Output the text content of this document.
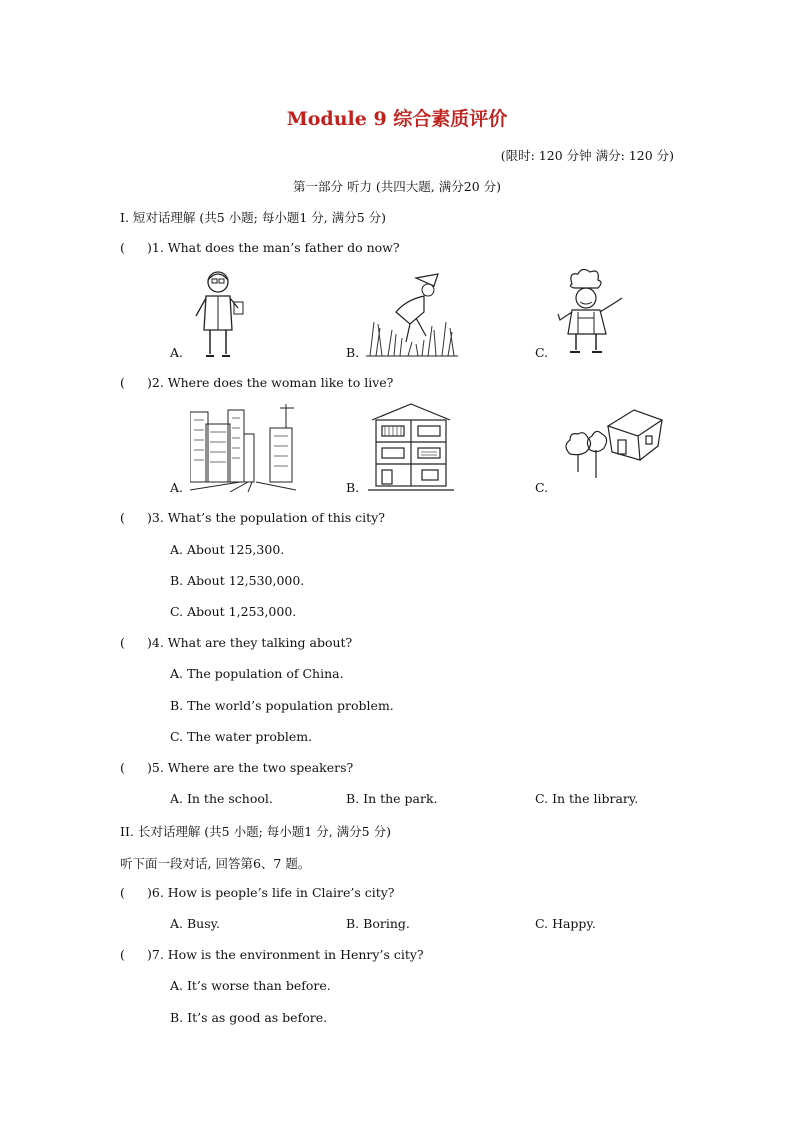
Module 9 综合素质评价
(限时: 120 分钟 满分: 120 分)
第一部分 听力 (共四大题, 满分20 分)
I. 短对话理解 (共5 小题; 每小题1 分, 满分5 分)
( )1. What does the man’s father do now?
A.	B.	C.
( )2. Where does the woman like to live?
A.	B.	C.
( )3. What’s the population of this city?
A. About 125,300.
B. About 12,530,000.
C. About 1,253,000.
( )4. What are they talking about?
A. The population of China.
B. The world’s population problem.
C. The water problem.
( )5. Where are the two speakers?
A. In the school.	B. In the park.	C. In the library.
II. 长对话理解 (共5 小题; 每小题1 分, 满分5 分)
听下面一段对话, 回答第6、7 题。
( )6. How is people’s life in Claire’s city?
A. Busy.	B. Boring.	C. Happy.
( )7. How is the environment in Henry’s city?
A. It’s worse than before.
B. It’s as good as before.
